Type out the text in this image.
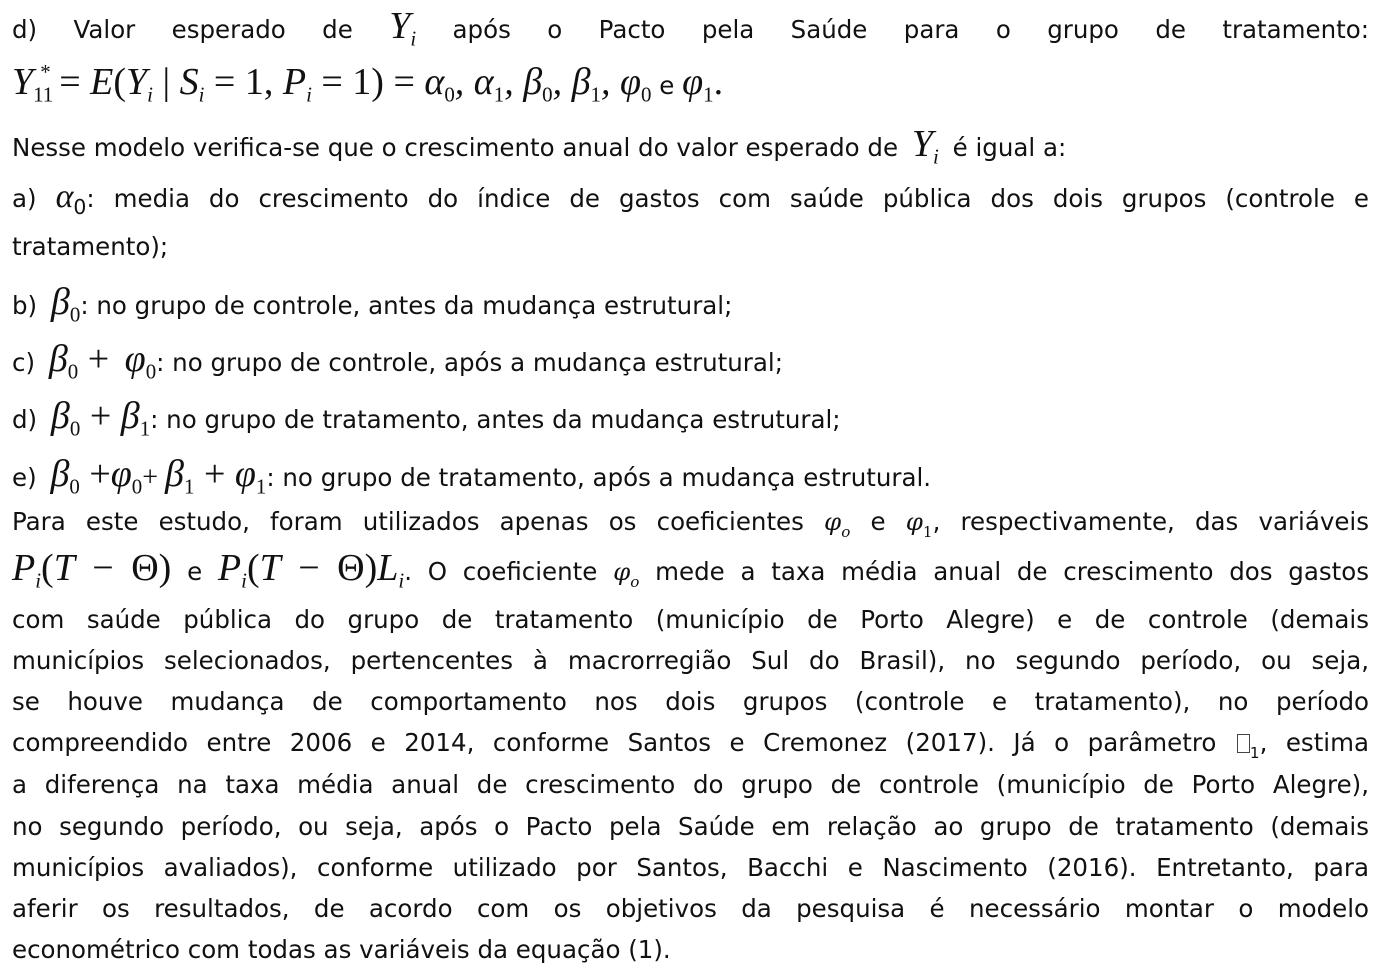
d) Valor esperado de $Y_i$ após o Pacto pela Saúde para o grupo de tratamento:
$Y_{11}^* = E(Y_i$ | $S_i = 1$, $P_i = 1) = \alpha 0$, α1, β0, β1, φ0 e φ1.
Nesse modelo verifica-se que o crescimento anual do valor esperado de $Y_i$ é igual a:
a) $\alpha_0$: media do crescimento do índice de gastos com saúde pública dos dois grupos (controle e
tratamento);
b) β0: no grupo de controle, antes da mudança estrutural;
c) β0 + φ0: no grupo de controle, após a mudança estrutural;
d) β0 + β1: no grupo de tratamento, antes da mudança estrutural;
e) β0 +φ0+ β1 + φ1: no grupo de tratamento, após a mudança estrutural.
Para este estudo, foram utilizados apenas os coeficientes $\varphi_o$ e $\varphi_1$, respectivamente, das variáveis
$P_i(T - \Theta)$ e $P_i(T - \Theta)L_i$. O coeficiente $\varphi_o$ mede a taxa média anual de crescimento dos gastos
com saúde pública do grupo de tratamento (município de Porto Alegre) e de controle (demais
municípios selecionados, pertencentes à macrorregião Sul do Brasil), no segundo período, ou seja,
se houve mudança de comportamento nos dois grupos (controle e tratamento), no período
compreendido entre 2006 e 2014, conforme Santos e Cremonez (2017). Já o parâmetro $_1$, estima
a diferença na taxa média anual de crescimento do grupo de controle (município de Porto Alegre),
no segundo período, ou seja, após o Pacto pela Saúde em relação ao grupo de tratamento (demais
municípios avaliados), conforme utilizado por Santos, Bacchi e Nascimento (2016). Entretanto, para
aferir os resultados, de acordo com os objetivos da pesquisa é necessário montar o modelo
econométrico com todas as variáveis da equação (1).
